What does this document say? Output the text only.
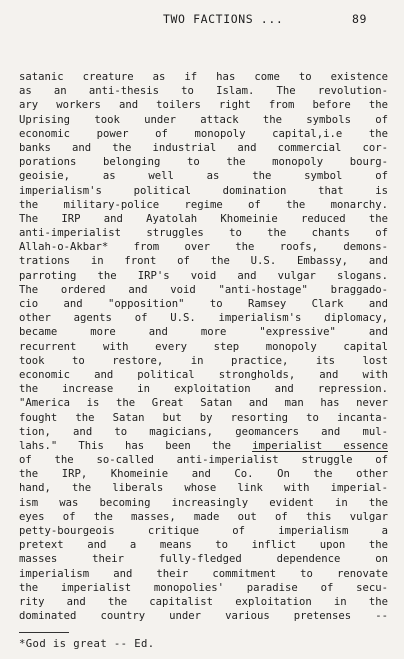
TWO FACTIONS ...	89
satanic creature as if has come to existence
as an anti-thesis to Islam. The revolution-
ary workers and toilers right from before the
Uprising took under attack the symbols of
economic power of monopoly capital,i.e the
banks and the industrial and commercial cor-
porations belonging to the monopoly bourg-
geoisie, as well as the symbol of
imperialism's political domination that is
the military-police regime of the monarchy.
The IRP and Ayatolah Khomeinie reduced the
anti-imperialist struggles to the chants of
Allah-o-Akbar* from over the roofs, demons-
trations in front of the U.S. Embassy, and
parroting the IRP's void and vulgar slogans.
The ordered and void "anti-hostage" braggado-
cio and "opposition" to Ramsey Clark and
other agents of U.S. imperialism's diplomacy,
became more and more "expressive" and
recurrent with every step monopoly capital
took to restore, in practice, its lost
economic and political strongholds, and with
the increase in exploitation and repression.
"America is the Great Satan and man has never
fought the Satan but by resorting to incanta-
tion, and to magicians, geomancers and mul-
lahs." This has been the imperialist essence
of the so-called anti-imperialist struggle of
the IRP, Khomeinie and Co. On the other
hand, the liberals whose link with imperial-
ism was becoming increasingly evident in the
eyes of the masses, made out of this vulgar
petty-bourgeois critique of imperialism a
pretext and a means to inflict upon the
masses their fully-fledged dependence on
imperialism and their commitment to renovate
the imperialist monopolies' paradise of secu-
rity and the capitalist exploitation in the
dominated country under various pretenses --
*God is great -- Ed.
